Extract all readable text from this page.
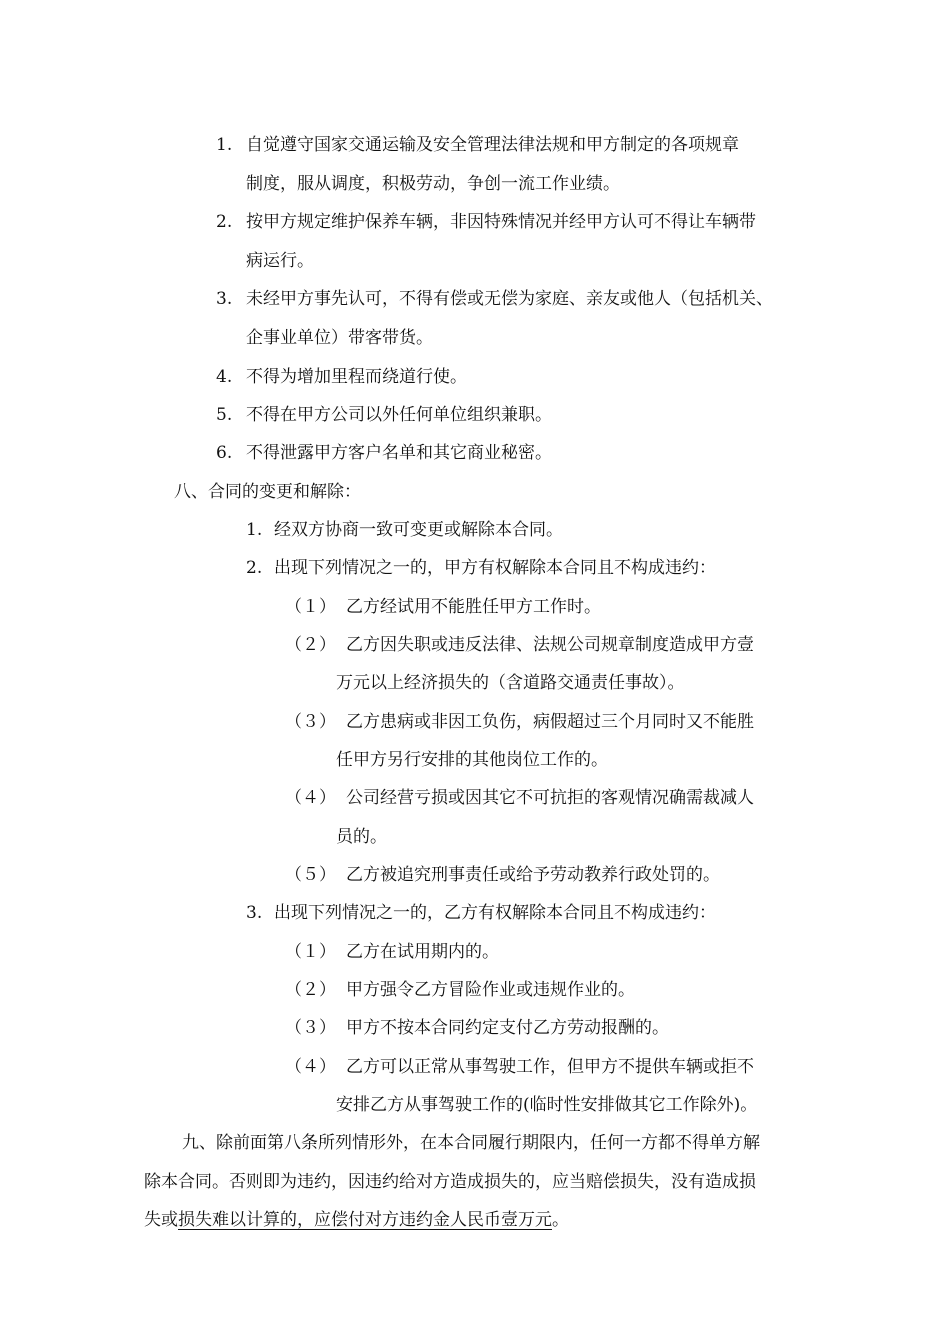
1. 自觉遵守国家交通运输及安全管理法律法规和甲方制定的各项规章
制度，服从调度，积极劳动，争创一流工作业绩。
2. 按甲方规定维护保养车辆，非因特殊情况并经甲方认可不得让车辆带
病运行。
3. 未经甲方事先认可，不得有偿或无偿为家庭、亲友或他人（包括机关、
企事业单位）带客带货。
4. 不得为增加里程而绕道行使。
5. 不得在甲方公司以外任何单位组织兼职。
6. 不得泄露甲方客户名单和其它商业秘密。
八、合同的变更和解除：
1. 经双方协商一致可变更或解除本合同。
2. 出现下列情况之一的，甲方有权解除本合同且不构成违约：
（１） 乙方经试用不能胜任甲方工作时。
（２） 乙方因失职或违反法律、法规公司规章制度造成甲方壹
万元以上经济损失的（含道路交通责任事故）。
（３） 乙方患病或非因工负伤，病假超过三个月同时又不能胜
任甲方另行安排的其他岗位工作的。
（４） 公司经营亏损或因其它不可抗拒的客观情况确需裁减人
员的。
（５） 乙方被追究刑事责任或给予劳动教养行政处罚的。
3. 出现下列情况之一的，乙方有权解除本合同且不构成违约：
（１） 乙方在试用期内的。
（２） 甲方强令乙方冒险作业或违规作业的。
（３） 甲方不按本合同约定支付乙方劳动报酬的。
（４） 乙方可以正常从事驾驶工作，但甲方不提供车辆或拒不
安排乙方从事驾驶工作的(临时性安排做其它工作除外)。
九、除前面第八条所列情形外，在本合同履行期限内，任何一方都不得单方解
除本合同。否则即为违约，因违约给对方造成损失的，应当赔偿损失，没有造成损
失或损失难以计算的，应偿付对方违约金人民币壹万元。
